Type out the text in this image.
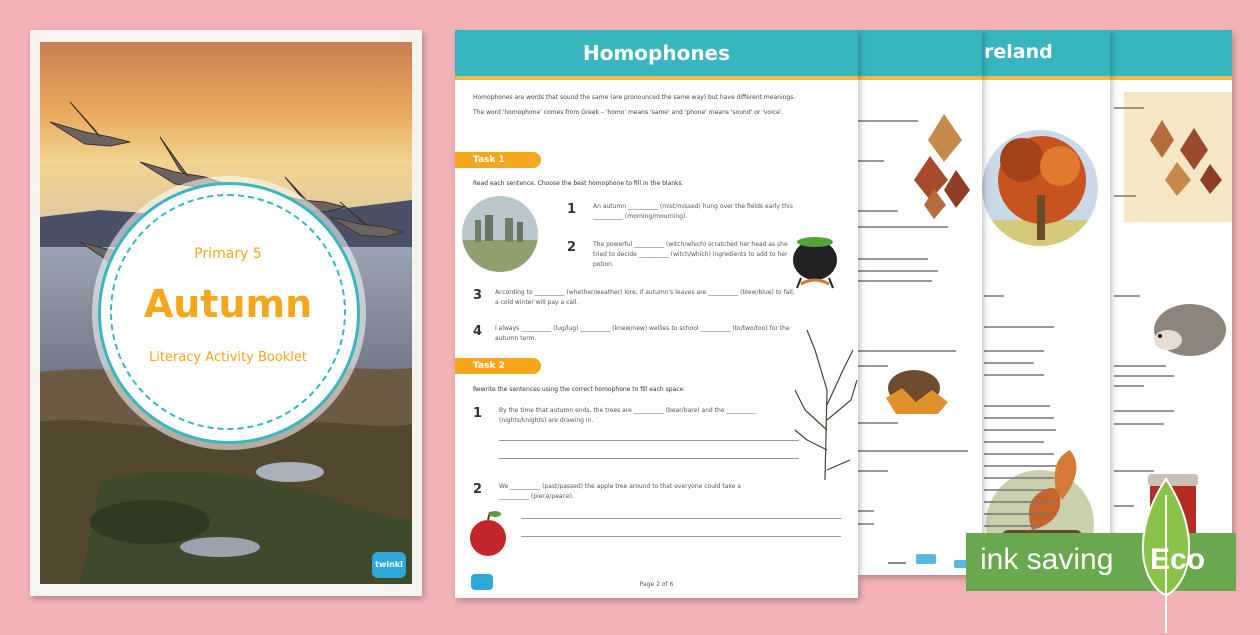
twinkl
Primary 5
Autumn
Literacy Activity Booklet
reland
Homophones
Homophones are words that sound the same (are pronounced the same way) but have different meanings.
The word 'homophone' comes from Greek – 'homo' means 'same' and 'phone' means 'sound' or 'voice'.
Task 1
Read each sentence. Choose the best homophone to fill in the blanks.
1	An autumn __________ (mist/missed) hung over the fields early this __________ (morning/mourning).
2	The powerful __________ (witch/which) scratched her head as she tried to decide __________ (witch/which) ingredients to add to her potion.
3 According to __________ (whether/weather) lore, if autumn's leaves are __________ (blew/blue) to fall, a cold winter will pay a call.
4 I always __________ (lug/lug) __________ (knew/new) wellies to school __________ (to/two/too) for the autumn term.
Task 2
Rewrite the sentences using the correct homophone to fill each space.
1	By the time that autumn ends, the trees are __________ (bear/bare) and the __________ (nights/knights) are drawing in.
2	We __________ (past/passed) the apple tree around to that everyone could take a __________ (piece/peace).
Page 2 of 6
ink saving Eco
